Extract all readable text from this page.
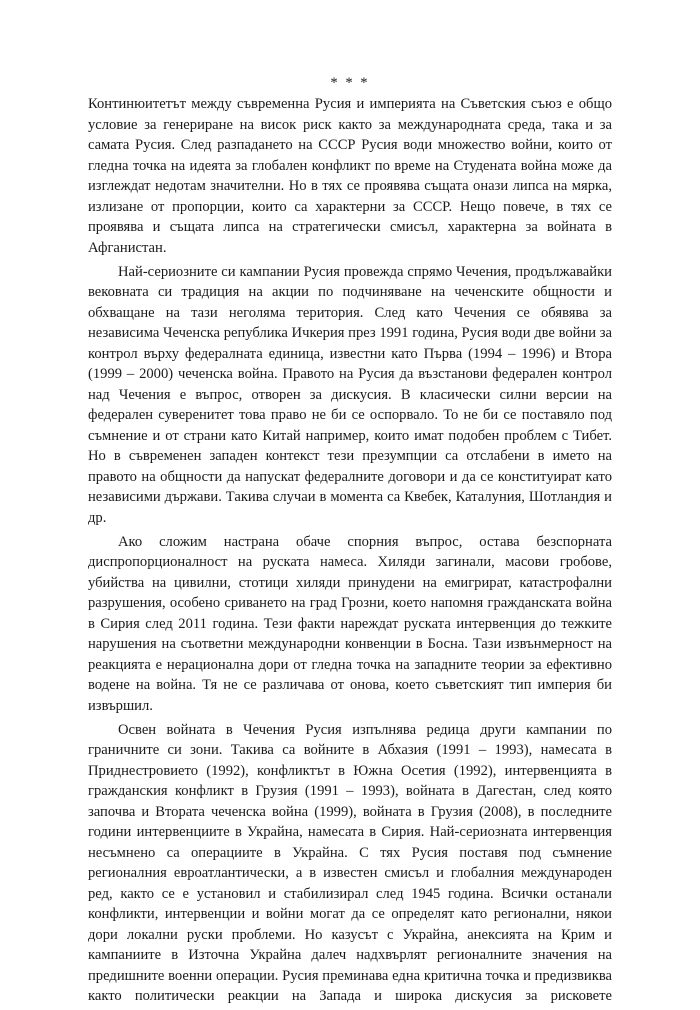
* * *

Континюитетът между съвременна Русия и империята на Съветския съюз е общо условие за генериране на висок риск както за международната среда, така и за самата Русия. След разпадането на СССР Русия води множество войни, които от гледна точка на идеята за глобален конфликт по време на Студената война може да изглеждат недотам значителни. Но в тях се проявява същата онази липса на мярка, излизане от пропорции, които са характерни за СССР. Нещо повече, в тях се проявява и същата липса на стратегически смисъл, характерна за войната в Афганистан.

Най-сериозните си кампании Русия провежда спрямо Чечения, продължавайки вековната си традиция на акции по подчиняване на чеченските общности и обхващане на тази неголяма територия. След като Чечения се обявява за независима Чеченска република Ичкерия през 1991 година, Русия води две войни за контрол върху федералната единица, известни като Първа (1994 – 1996) и Втора (1999 – 2000) чеченска война. Правото на Русия да възстанови федерален контрол над Чечения е въпрос, отворен за дискусия. В класически силни версии на федерален суверенитет това право не би се оспорвало. То не би се поставяло под съмнение и от страни като Китай например, които имат подобен проблем с Тибет. Но в съвременен западен контекст тези презумпции са отслабени в името на правото на общности да напускат федералните договори и да се конституират като независими държави. Такива случаи в момента са Квебек, Каталуния, Шотландия и др.

Ако сложим настрана обаче спорния въпрос, остава безспорната диспропорционалност на руската намеса. Хиляди загинали, масови гробове, убийства на цивилни, стотици хиляди принудени на емигрират, катастрофални разрушения, особено сриването на град Грозни, което напомня гражданската война в Сирия след 2011 година. Тези факти нареждат руската интервенция до тежките нарушения на съответни международни конвенции в Босна. Тази извънмерност на реакцията е нерационална дори от гледна точка на западните теории за ефективно водене на война. Тя не се различава от онова, което съветският тип империя би извършил.

Освен войната в Чечения Русия изпълнява редица други кампании по граничните си зони. Такива са войните в Абхазия (1991 – 1993), намесата в Приднестровието (1992), конфликтът в Южна Осетия (1992), интервенцията в гражданския конфликт в Грузия (1991 – 1993), войната в Дагестан, след която започва и Втората чеченска война (1999), войната в Грузия (2008), в последните години интервенциите в Украйна, намесата в Сирия. Най-сериозната интервенция несъмнено са операциите в Украйна. С тях Русия поставя под съмнение регионалния евроатлантически, а в известен смисъл и глобалния международен ред, както се е установил и стабилизирал след 1945 година. Всички останали конфликти, интервенции и войни могат да се определят като регионални, някои дори локални руски проблеми. Но казусът с Украйна, анексията на Крим и кампаниите в Източна Украйна далеч надхвърлят регионалните значения на предишните военни операции. Русия преминава една критична точка и предизвиква както политически реакции на Запада и широка дискусия за рисковете
